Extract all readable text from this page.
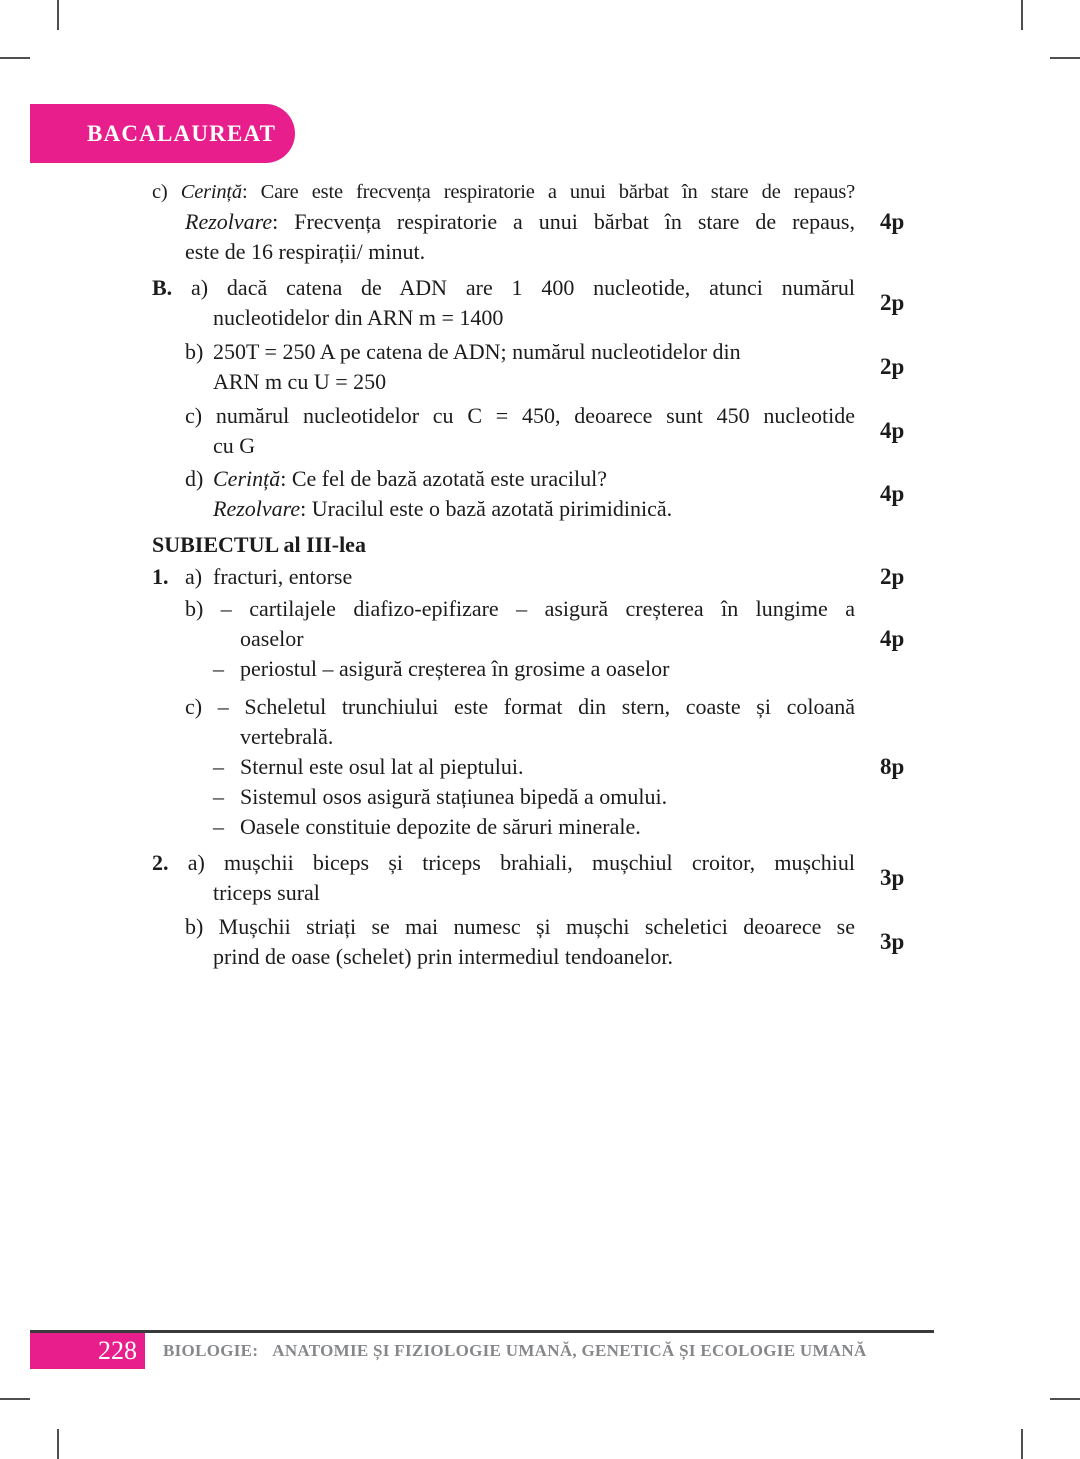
BACALAUREAT
c) Cerință: Care este frecvența respiratorie a unui bărbat în stare de repaus?
Rezolvare: Frecvența respiratorie a unui bărbat în stare de repaus,
este de 16 respirații/ minut.
B. a) dacă catena de ADN are 1 400 nucleotide, atunci numărul
nucleotidelor din ARN m = 1400
b) 250T = 250 A pe catena de ADN; numărul nucleotidelor din
ARN m cu U = 250
c) numărul nucleotidelor cu C = 450, deoarece sunt 450 nucleotide
cu G
d) Cerință: Ce fel de bază azotată este uracilul?
Rezolvare: Uracilul este o bază azotată pirimidinică.
SUBIECTUL al III-lea
1. a) fracturi, entorse
b) – cartilajele diafizo-epifizare – asigură creșterea în lungime a
oaselor
– periostul – asigură creșterea în grosime a oaselor
c) – Scheletul trunchiului este format din stern, coaste și coloană
vertebrală.
– Sternul este osul lat al pieptului.
– Sistemul osos asigură stațiunea bipedă a omului.
– Oasele constituie depozite de săruri minerale.
2. a) mușchii biceps și triceps brahiali, mușchiul croitor, mușchiul
triceps sural
b) Mușchii striați se mai numesc și mușchi scheletici deoarece se
prind de oase (schelet) prin intermediul tendoanelor.
4p
2p
2p
4p
4p
2p
4p
8p
3p
3p
228 BIOLOGIE: ANATOMIE ȘI FIZIOLOGIE UMANĂ, GENETICĂ ȘI ECOLOGIE UMANĂ
